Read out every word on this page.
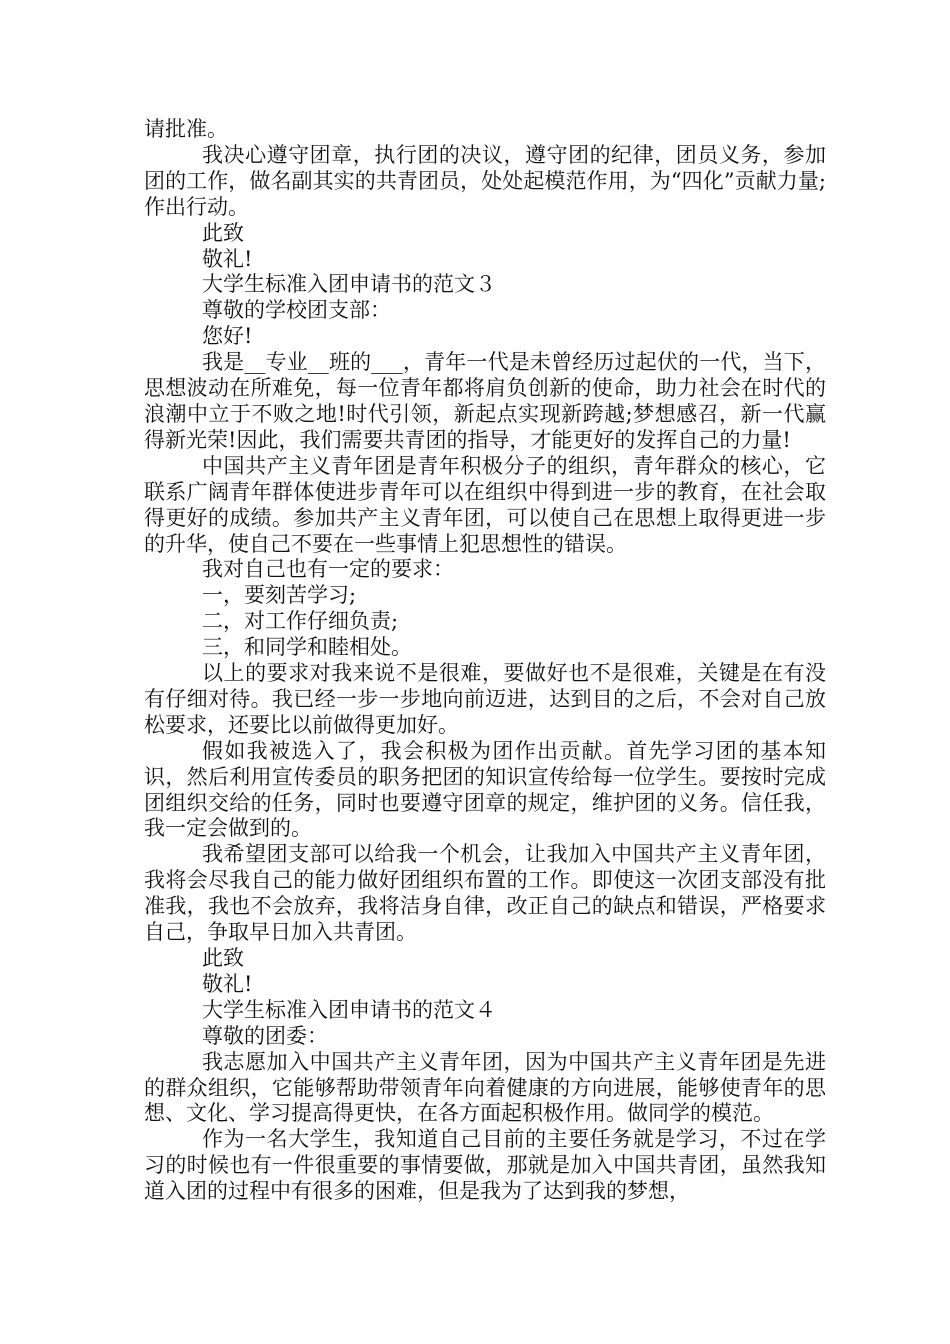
请批准。

我决心遵守团章，执行团的决议，遵守团的纪律，团员义务，参加团的工作，做名副其实的共青团员，处处起模范作用，为“四化”贡献力量;作出行动。

此致

敬礼!

大学生标准入团申请书的范文３

尊敬的学校团支部：

您好!

我是__专业__班的___，青年一代是未曾经历过起伏的一代，当下，思想波动在所难免，每一位青年都将肩负创新的使命，助力社会在时代的浪潮中立于不败之地!时代引领，新起点实现新跨越;梦想感召，新一代赢得新光荣!因此，我们需要共青团的指导，才能更好的发挥自己的力量!

中国共产主义青年团是青年积极分子的组织，青年群众的核心，它联系广阔青年群体使进步青年可以在组织中得到进一步的教育，在社会取得更好的成绩。参加共产主义青年团，可以使自己在思想上取得更进一步的升华，使自己不要在一些事情上犯思想性的错误。

我对自己也有一定的要求：

一，要刻苦学习;

二，对工作仔细负责;

三，和同学和睦相处。

以上的要求对我来说不是很难，要做好也不是很难，关键是在有没有仔细对待。我已经一步一步地向前迈进，达到目的之后，不会对自己放松要求，还要比以前做得更加好。

假如我被选入了，我会积极为团作出贡献。首先学习团的基本知识，然后利用宣传委员的职务把团的知识宣传给每一位学生。要按时完成团组织交给的任务，同时也要遵守团章的规定，维护团的义务。信任我，我一定会做到的。

我希望团支部可以给我一个机会，让我加入中国共产主义青年团，我将会尽我自己的能力做好团组织布置的工作。即使这一次团支部没有批准我，我也不会放弃，我将洁身自律，改正自己的缺点和错误，严格要求自己，争取早日加入共青团。

此致

敬礼!

大学生标准入团申请书的范文４

尊敬的团委：

我志愿加入中国共产主义青年团，因为中国共产主义青年团是先进的群众组织，它能够帮助带领青年向着健康的方向进展，能够使青年的思想、文化、学习提高得更快，在各方面起积极作用。做同学的模范。

作为一名大学生，我知道自己目前的主要任务就是学习，不过在学习的时候也有一件很重要的事情要做，那就是加入中国共青团，虽然我知道入团的过程中有很多的困难，但是我为了达到我的梦想，
